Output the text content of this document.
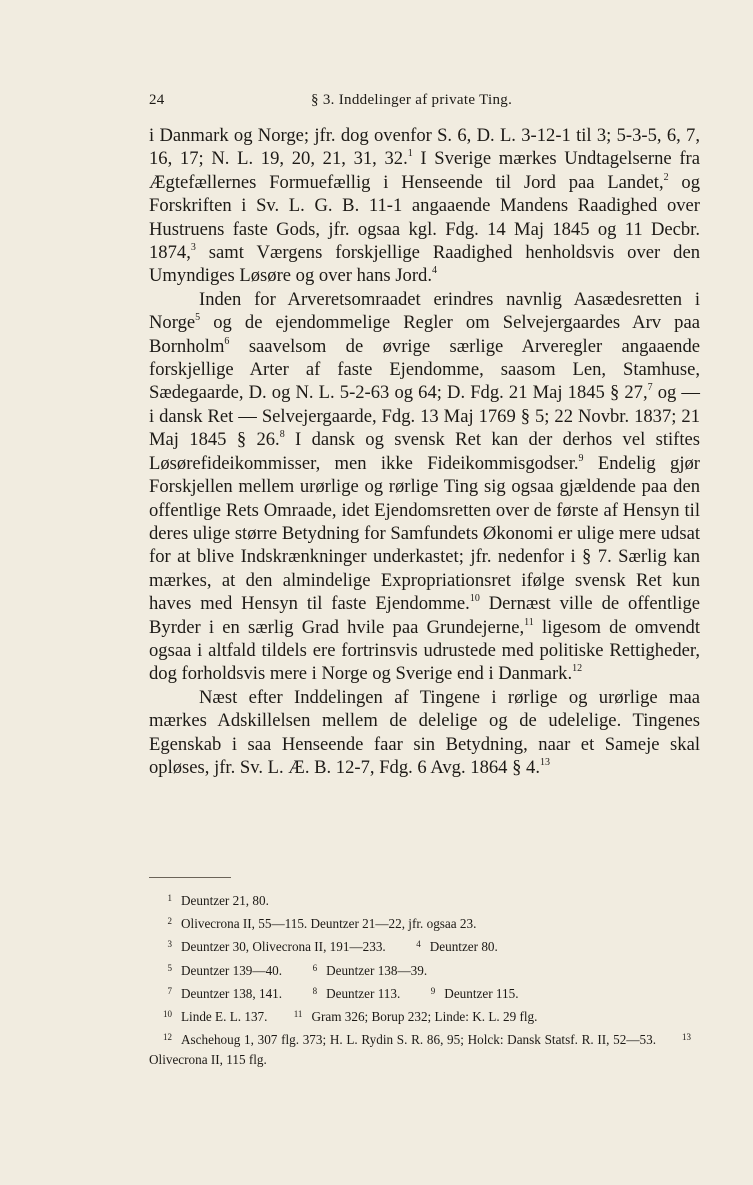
24	§ 3. Inddelinger af private Ting.

i Danmark og Norge; jfr. dog ovenfor S. 6, D. L. 3-12-1 til 3; 5-3-5, 6, 7, 16, 17; N. L. 19, 20, 21, 31, 32.$^1$ I Sverige mærkes Undtagelserne fra Ægtefællernes Formuefællig i Henseende til Jord paa Landet,$^2$ og Forskriften i Sv. L. G. B. 11-1 angaaende Mandens Raadighed over Hustruens faste Gods, jfr. ogsaa kgl. Fdg. 14 Maj 1845 og 11 Decbr. 1874,$^3$ samt Værgens forskjellige Raadighed henholdsvis over den Umyndiges Løsøre og over hans Jord.$^4$

Inden for Arveretsomraadet erindres navnlig Aasædesretten i Norge$^5$ og de ejendommelige Regler om Selvejergaardes Arv paa Bornholm$^6$ saavelsom de øvrige særlige Arveregler angaaende forskjellige Arter af faste Ejendomme, saasom Len, Stamhuse, Sædegaarde, D. og N. L. 5-2-63 og 64; D. Fdg. 21 Maj 1845 § 27,$^7$ og — i dansk Ret — Selvejergaarde, Fdg. 13 Maj 1769 § 5; 22 Novbr. 1837; 21 Maj 1845 § 26.$^8$ I dansk og svensk Ret kan der derhos vel stiftes Løsørefideikommisser, men ikke Fideikommisgodser.$^9$ Endelig gjør Forskjellen mellem urørlige og rørlige Ting sig ogsaa gjældende paa den offentlige Rets Omraade, idet Ejendomsretten over de første af Hensyn til deres ulige større Betydning for Samfundets Økonomi er ulige mere udsat for at blive Indskrænkninger underkastet; jfr. nedenfor i § 7. Særlig kan mærkes, at den almindelige Expropriationsret ifølge svensk Ret kun haves med Hensyn til faste Ejendomme.$^{10}$ Dernæst ville de offentlige Byrder i en særlig Grad hvile paa Grundejerne,$^{11}$ ligesom de omvendt ogsaa i altfald tildels ere fortrinsvis udrustede med politiske Rettigheder, dog forholdsvis mere i Norge og Sverige end i Danmark.$^{12}$

Næst efter Inddelingen af Tingene i rørlige og urørlige maa mærkes Adskillelsen mellem de delelige og de udelelige. Tingenes Egenskab i saa Henseende faar sin Betydning, naar et Sameje skal opløses, jfr. Sv. L. Æ. B. 12-7, Fdg. 6 Avg. 1864 § 4.13

1 Deuntzer 21, 80.
2 Olivecrona II, 55—115. Deuntzer 21—22, jfr. ogsaa 23.
3 Deuntzer 30, Olivecrona II, 191—233.	4 Deuntzer 80.
5 Deuntzer 139—40.	6 Deuntzer 138—39.
7 Deuntzer 138, 141.	8 Deuntzer 113.	9 Deuntzer 115.
10 Linde E. L. 137.	11 Gram 326; Borup 232; Linde: K. L. 29 flg.
12 Aschehoug 1, 307 flg. 373; H. L. Rydin S. R. 86, 95; Holck: Dansk Statsf. R. II, 52—53.	13Olivecrona II, 115 flg.
